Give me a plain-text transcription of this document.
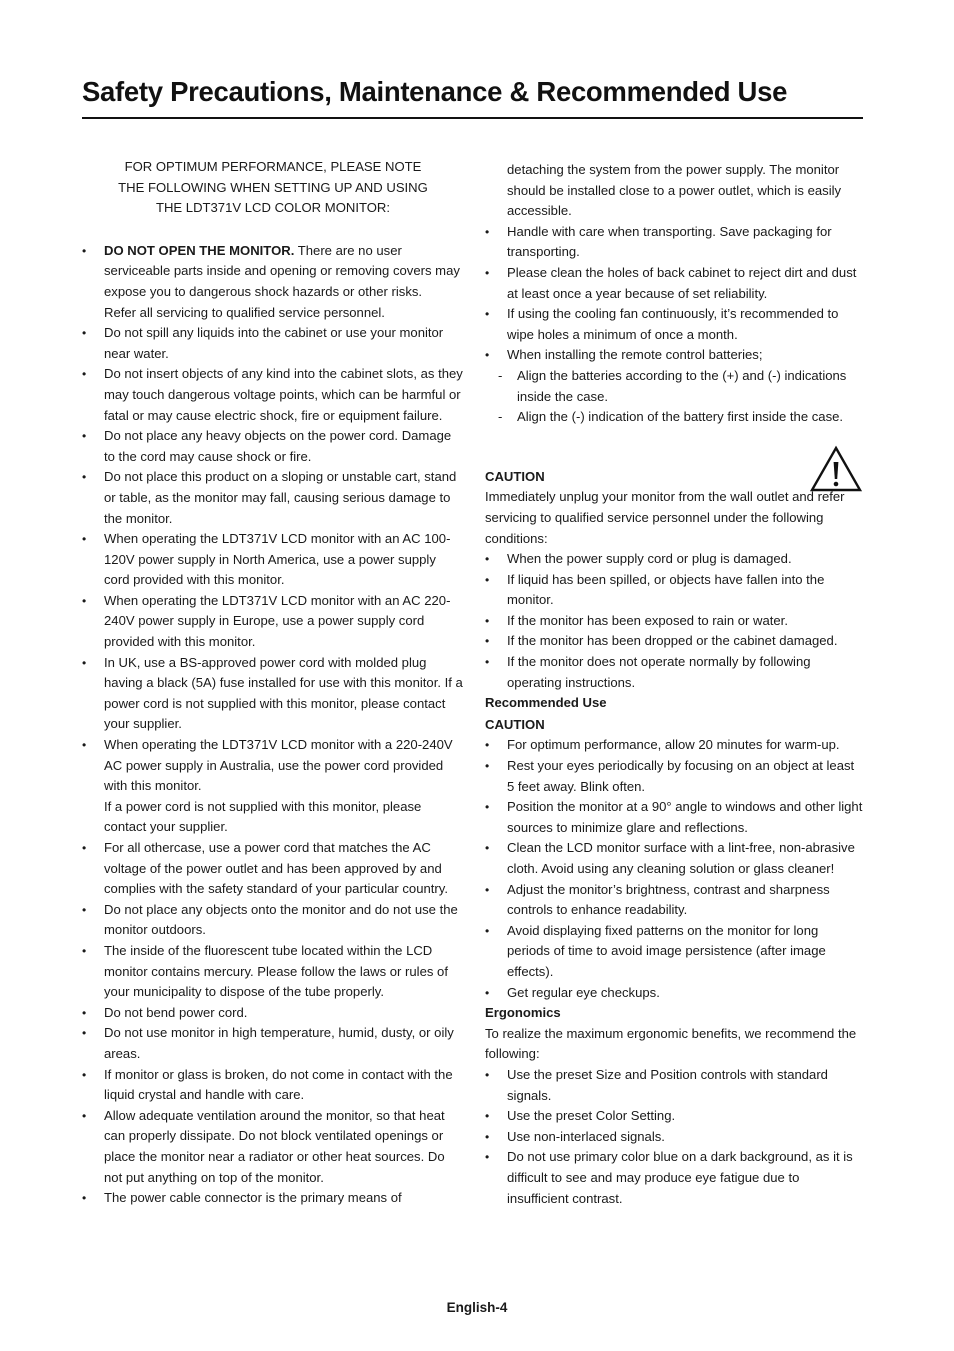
Safety Precautions, Maintenance & Recommended Use
FOR OPTIMUM PERFORMANCE, PLEASE NOTE
THE FOLLOWING WHEN SETTING UP AND USING
THE LDT371V LCD COLOR MONITOR:
• DO NOT OPEN THE MONITOR. There are no user serviceable parts inside and opening or removing covers may expose you to dangerous shock hazards or other risks.
Refer all servicing to qualified service personnel.
• Do not spill any liquids into the cabinet or use your monitor near water.
• Do not insert objects of any kind into the cabinet slots, as they may touch dangerous voltage points, which can be harmful or fatal or may cause electric shock, fire or equipment failure.
• Do not place any heavy objects on the power cord. Damage to the cord may cause shock or fire.
• Do not place this product on a sloping or unstable cart, stand or table, as the monitor may fall, causing serious damage to the monitor.
• When operating the LDT371V LCD monitor with an AC 100-120V power supply in North America, use a power supply cord provided with this monitor.
• When operating the LDT371V LCD monitor with an AC 220-240V power supply in Europe, use a power supply cord provided with this monitor.
• In UK, use a BS-approved power cord with molded plug having a black (5A) fuse installed for use with this monitor. If a power cord is not supplied with this monitor, please contact your supplier.
• When operating the LDT371V LCD monitor with a 220-240V AC power supply in Australia, use the power cord provided with this monitor.
If a power cord is not supplied with this monitor, please contact your supplier.
• For all othercase, use a power cord that matches the AC voltage of the power outlet and has been approved by and complies with the safety standard of your particular country.
• Do not place any objects onto the monitor and do not use the monitor outdoors.
• The inside of the fluorescent tube located within the LCD monitor contains mercury. Please follow the laws or rules of your municipality to dispose of the tube properly.
• Do not bend power cord.
• Do not use monitor in high temperature, humid, dusty, or oily areas.
• If monitor or glass is broken, do not come in contact with the liquid crystal and handle with care.
• Allow adequate ventilation around the monitor, so that heat can properly dissipate. Do not block ventilated openings or place the monitor near a radiator or other heat sources. Do not put anything on top of the monitor.
• The power cable connector is the primary means of
detaching the system from the power supply. The monitor should be installed close to a power outlet, which is easily accessible.
• Handle with care when transporting. Save packaging for transporting.
• Please clean the holes of back cabinet to reject dirt and dust at least once a year because of set reliability.
• If using the cooling fan continuously, it’s recommended to wipe holes a minimum of once a month.
• When installing the remote control batteries;
- Align the batteries according to the (+) and (-) indications inside the case.
- Align the (-) indication of the battery first inside the case.

CAUTION

Immediately unplug your monitor from the wall outlet and refer servicing to qualified service personnel under the following conditions:
• When the power supply cord or plug is damaged.
• If liquid has been spilled, or objects have fallen into the monitor.
• If the monitor has been exposed to rain or water.
• If the monitor has been dropped or the cabinet damaged.
• If the monitor does not operate normally by following operating instructions.

Recommended Use

CAUTION

• For optimum performance, allow 20 minutes for warm-up.
• Rest your eyes periodically by focusing on an object at least 5 feet away. Blink often.
• Position the monitor at a 90° angle to windows and other light sources to minimize glare and reflections.
• Clean the LCD monitor surface with a lint-free, non-abrasive cloth. Avoid using any cleaning solution or glass cleaner!
• Adjust the monitor’s brightness, contrast and sharpness controls to enhance readability.
• Avoid displaying fixed patterns on the monitor for long periods of time to avoid image persistence (after image effects).
• Get regular eye checkups.

Ergonomics

To realize the maximum ergonomic benefits, we recommend the following:
• Use the preset Size and Position controls with standard signals.
• Use the preset Color Setting.
• Use non-interlaced signals.
• Do not use primary color blue on a dark background, as it is difficult to see and may produce eye fatigue due to insufficient contrast.
English-4
